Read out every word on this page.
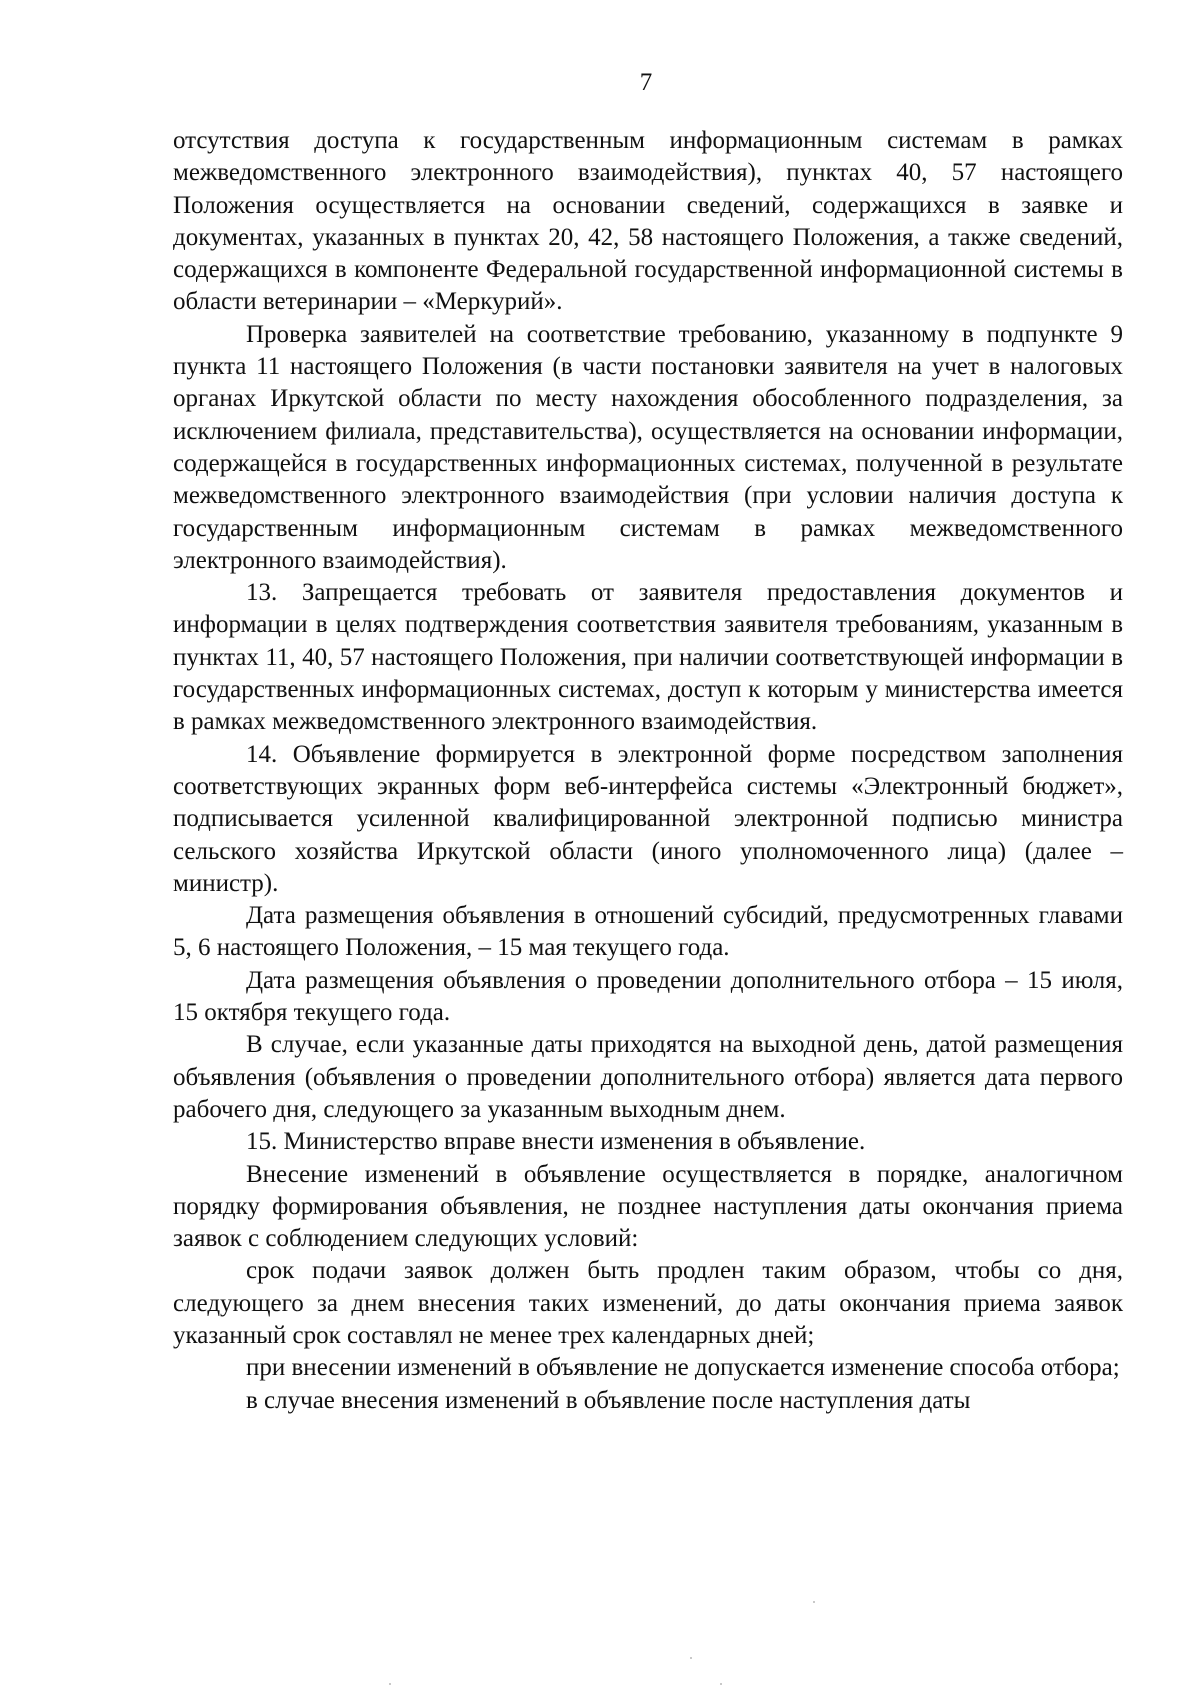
7

отсутствия доступа к государственным информационным системам в рамках межведомственного электронного взаимодействия), пунктах 40, 57 настоящего Положения осуществляется на основании сведений, содержащихся в заявке и документах, указанных в пунктах 20, 42, 58 настоящего Положения, а также сведений, содержащихся в компоненте Федеральной государственной информационной системы в области ветеринарии – «Меркурий».

Проверка заявителей на соответствие требованию, указанному в подпункте 9 пункта 11 настоящего Положения (в части постановки заявителя на учет в налоговых органах Иркутской области по месту нахождения обособленного подразделения, за исключением филиала, представительства), осуществляется на основании информации, содержащейся в государственных информационных системах, полученной в результате межведомственного электронного взаимодействия (при условии наличия доступа к государственным информационным системам в рамках межведомственного электронного взаимодействия).

13. Запрещается требовать от заявителя предоставления документов и информации в целях подтверждения соответствия заявителя требованиям, указанным в пунктах 11, 40, 57 настоящего Положения, при наличии соответствующей информации в государственных информационных системах, доступ к которым у министерства имеется в рамках межведомственного электронного взаимодействия.

14. Объявление формируется в электронной форме посредством заполнения соответствующих экранных форм веб-интерфейса системы «Электронный бюджет», подписывается усиленной квалифицированной электронной подписью министра сельского хозяйства Иркутской области (иного уполномоченного лица) (далее – министр).

Дата размещения объявления в отношений субсидий, предусмотренных главами 5, 6 настоящего Положения, – 15 мая текущего года.

Дата размещения объявления о проведении дополнительного отбора – 15 июля, 15 октября текущего года.

В случае, если указанные даты приходятся на выходной день, датой размещения объявления (объявления о проведении дополнительного отбора) является дата первого рабочего дня, следующего за указанным выходным днем.

15. Министерство вправе внести изменения в объявление.

Внесение изменений в объявление осуществляется в порядке, аналогичном порядку формирования объявления, не позднее наступления даты окончания приема заявок с соблюдением следующих условий:

срок подачи заявок должен быть продлен таким образом, чтобы со дня, следующего за днем внесения таких изменений, до даты окончания приема заявок указанный срок составлял не менее трех календарных дней;

при внесении изменений в объявление не допускается изменение способа отбора;

в случае внесения изменений в объявление после наступления даты
